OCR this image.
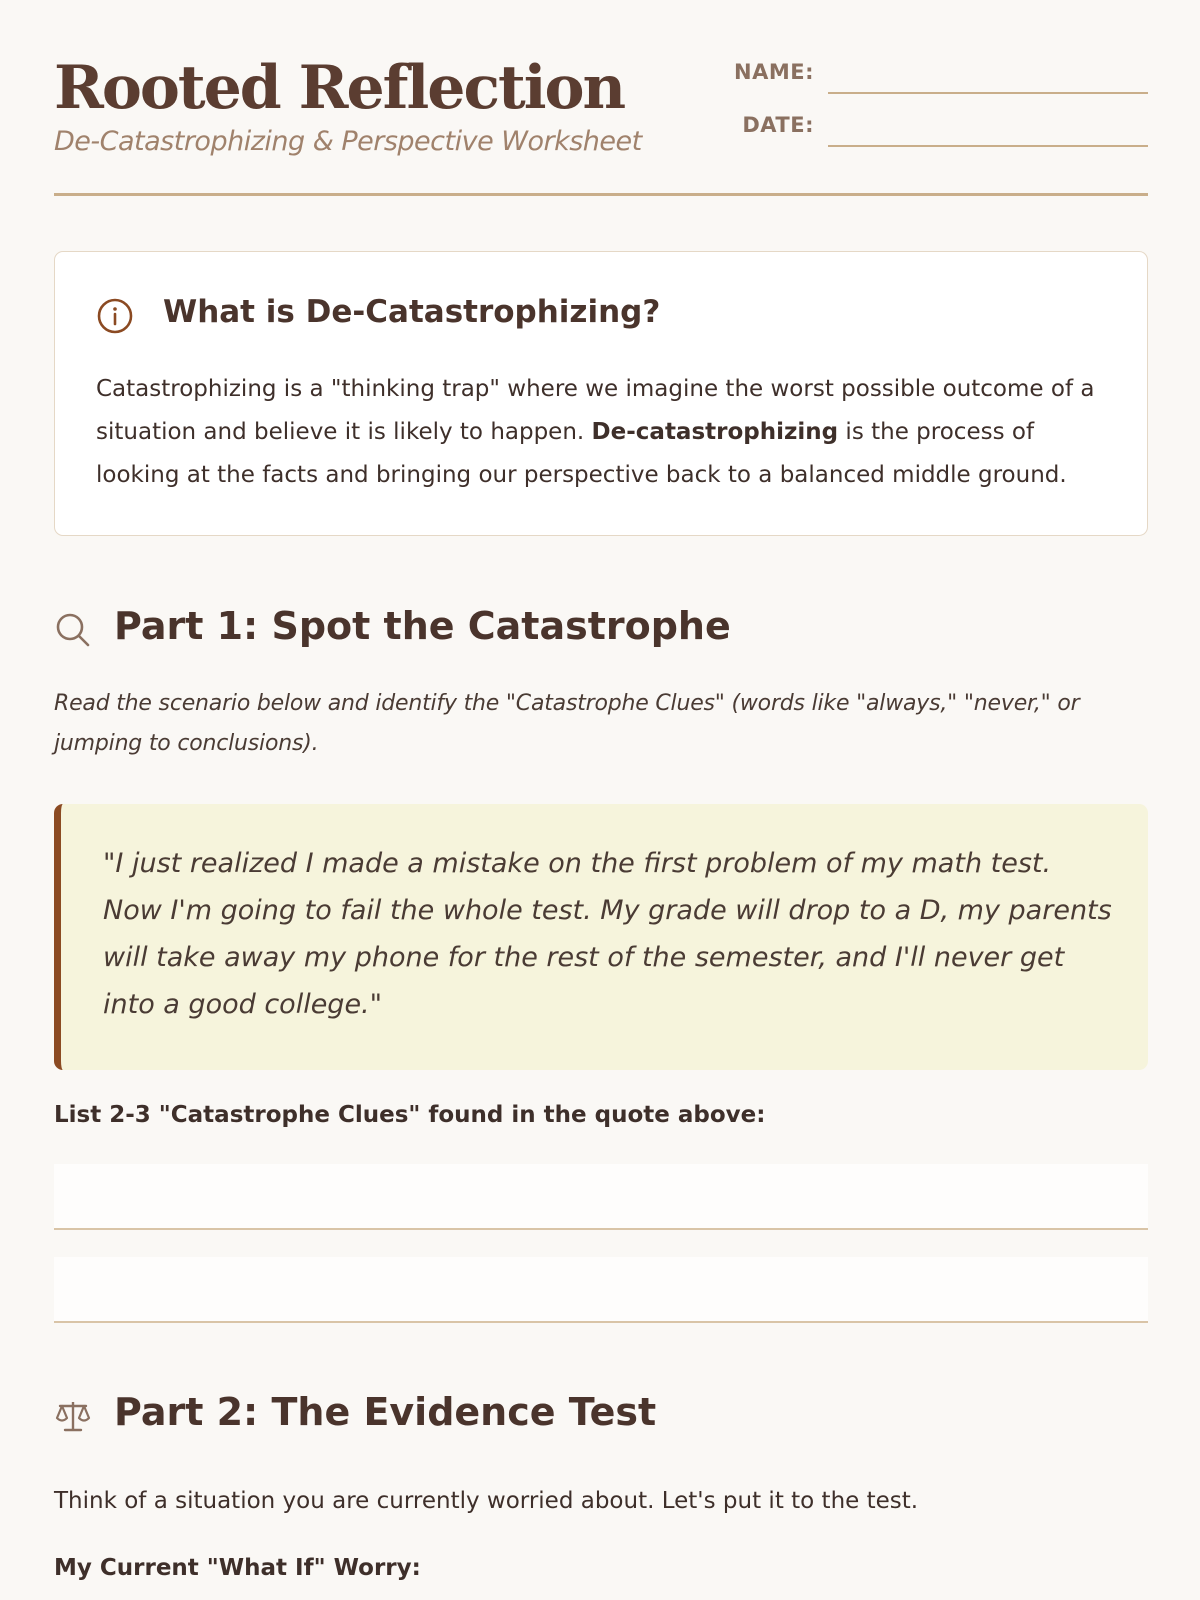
Rooted Reflection
De-Catastrophizing & Perspective Worksheet
NAME:
DATE:
What is De-Catastrophizing?

Catastrophizing is a "thinking trap" where we imagine the worst possible outcome of a situation and believe it is likely to happen. De-catastrophizing is the process of looking at the facts and bringing our perspective back to a balanced middle ground.

Part 1: Spot the Catastrophe

Read the scenario below and identify the "Catastrophe Clues" (words like "always," "never," or jumping to conclusions).

"I just realized I made a mistake on the first problem of my math test. Now I'm going to fail the whole test. My grade will drop to a D, my parents will take away my phone for the rest of the semester, and I'll never get into a good college."

List 2-3 "Catastrophe Clues" found in the quote above:
Part 2: The Evidence Test
Think of a situation you are currently worried about. Let's put it to the test.
My Current "What If" Worry:
